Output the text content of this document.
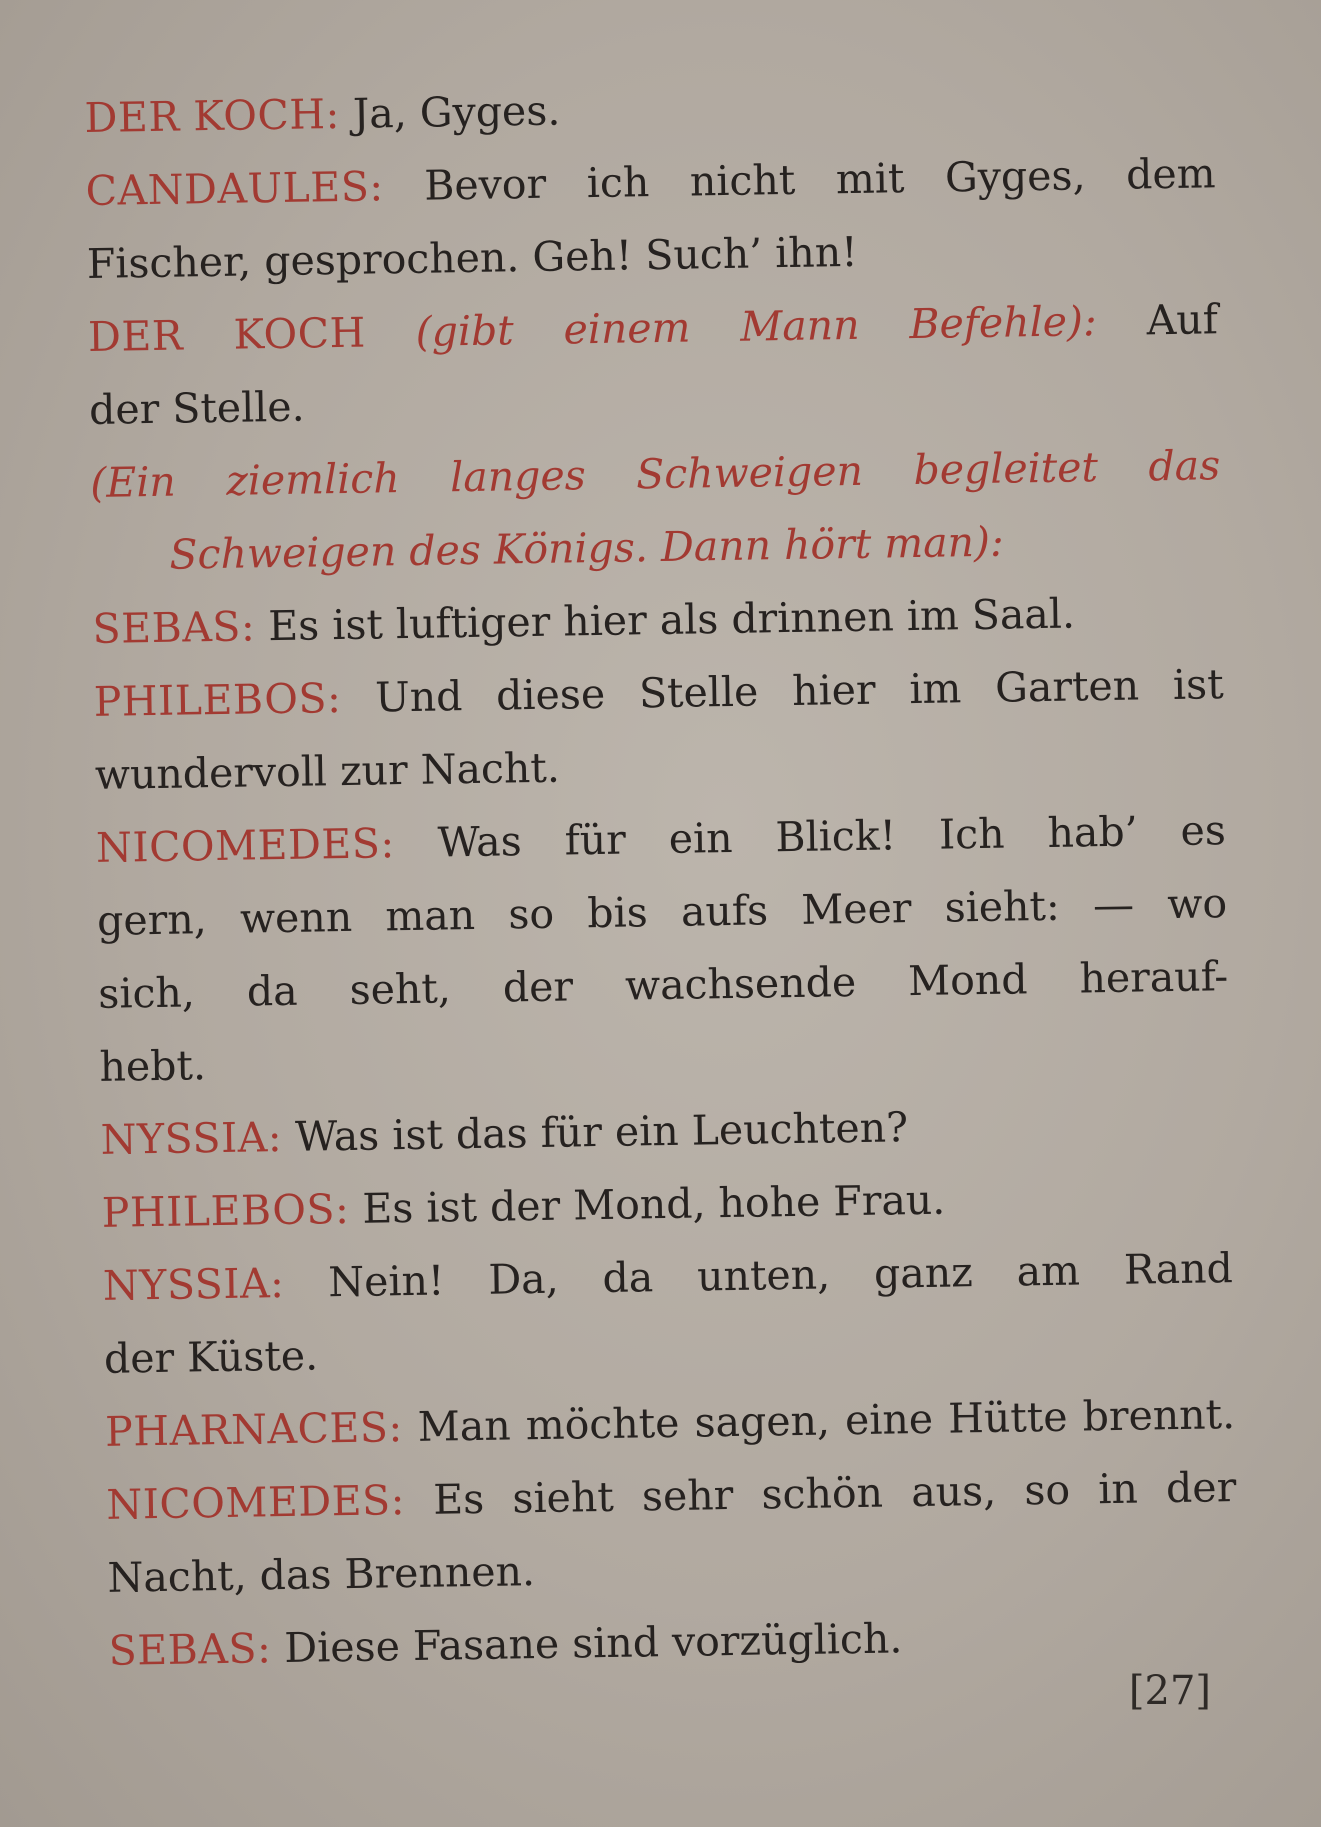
DER KOCH: Ja, Gyges.
CANDAULES: Bevor ich nicht mit Gyges, dem
Fischer, gesprochen. Geh! Such’ ihn!
DER KOCH (gibt einem Mann Befehle): Auf
der Stelle.
(Ein ziemlich langes Schweigen begleitet das
Schweigen des Königs. Dann hört man):
SEBAS: Es ist luftiger hier als drinnen im Saal.
PHILEBOS: Und diese Stelle hier im Garten ist
wundervoll zur Nacht.
NICOMEDES: Was für ein Blick! Ich hab’ es
gern, wenn man so bis aufs Meer sieht: — wo
sich, da seht, der wachsende Mond herauf-
hebt.
NYSSIA: Was ist das für ein Leuchten?
PHILEBOS: Es ist der Mond, hohe Frau.
NYSSIA: Nein! Da, da unten, ganz am Rand
der Küste.
PHARNACES: Man möchte sagen, eine Hütte brennt.
NICOMEDES: Es sieht sehr schön aus, so in der
Nacht, das Brennen.
SEBAS: Diese Fasane sind vorzüglich.
[27]
